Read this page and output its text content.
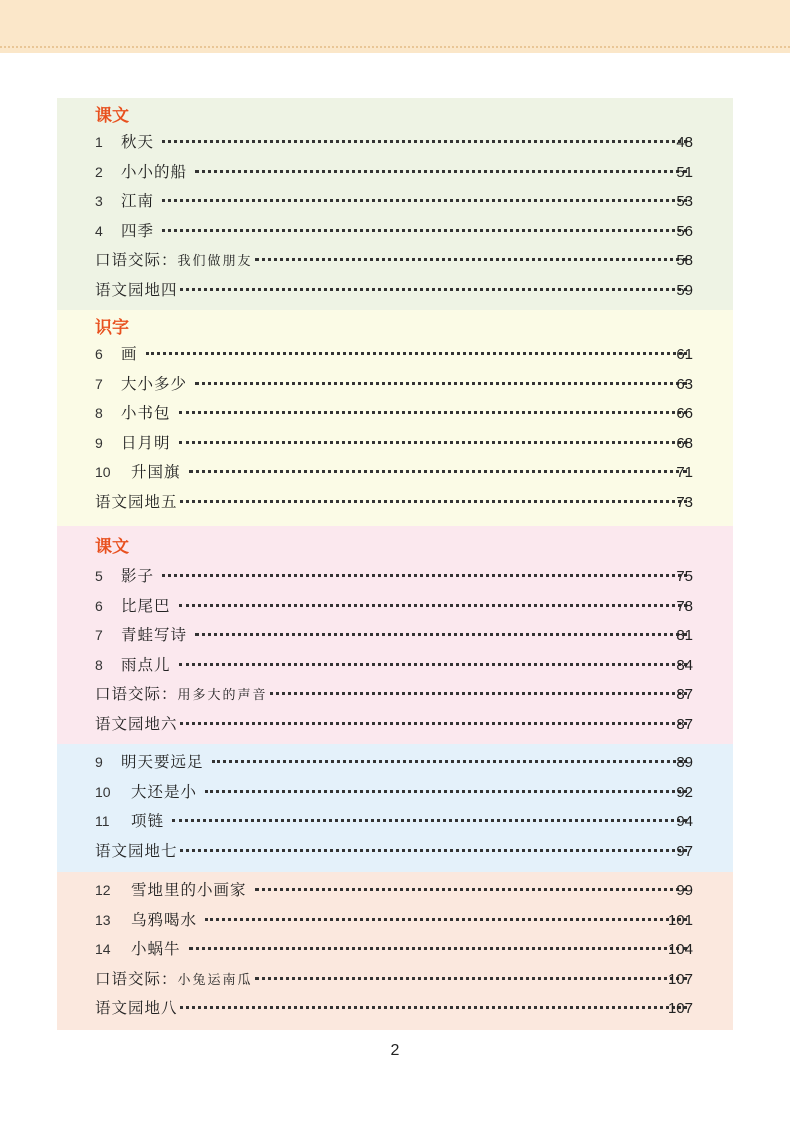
课文
1	秋天	48
2	小小的船	51
3	江南	53
4	四季	56
口语交际：我们做朋友	58
语文园地四	59
识字
6	画	61
7	大小多少	63
8	小书包	66
9	日月明	68
10	升国旗	71
语文园地五	73
课文
5	影子	75
6	比尾巴	78
7	青蛙写诗	81
8	雨点儿	84
口语交际：用多大的声音	87
语文园地六	87
9	明天要远足	89
10	大还是小	92
11	项链	94
语文园地七	97
12	雪地里的小画家	99
13	乌鸦喝水	101
14	小蜗牛	104
口语交际：小兔运南瓜	107
语文园地八	107
2
